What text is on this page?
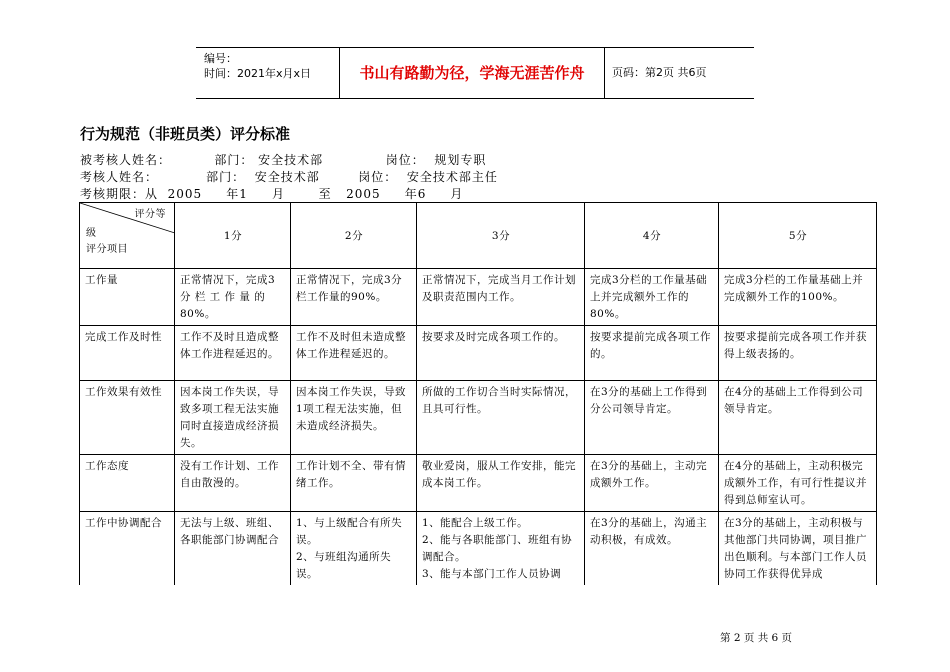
编号：
时间：2021年x月x日	书山有路勤为径，学海无涯苦作舟	页码：第2页 共6页
行为规范（非班员类）评分标准
被考核人姓名：         部门： 安全技术部             岗位：  规划专职
考核人姓名：          部门：  安全技术部        岗位：  安全技术部主任
考核期限：从  2005     年1     月       至   2005     年6     月
评分等
级
评分项目	1分	2分	3分	4分	5分
工作量	正常情况下，完成3 分 栏 工 作 量 的80%。	正常情况下，完成3分栏工作量的90%。	正常情况下，完成当月工作计划及职责范围内工作。	完成3分栏的工作量基础上并完成额外工作的80%。	完成3分栏的工作量基础上并完成额外工作的100%。
完成工作及时性	工作不及时且造成整体工作进程延迟的。	工作不及时但未造成整体工作进程延迟的。	按要求及时完成各项工作的。	按要求提前完成各项工作的。	按要求提前完成各项工作并获得上级表扬的。
工作效果有效性	因本岗工作失误，导致多项工程无法实施同时直接造成经济损失。	因本岗工作失误，导致1项工程无法实施，但未造成经济损失。	所做的工作切合当时实际情况，且具可行性。	在3分的基础上工作得到分公司领导肯定。	在4分的基础上工作得到公司领导肯定。
工作态度	没有工作计划、工作自由散漫的。	工作计划不全、带有情绪工作。	敬业爱岗，服从工作安排，能完成本岗工作。	在3分的基础上，主动完成额外工作。	在4分的基础上，主动积极完成额外工作，有可行性提议并得到总师室认可。
工作中协调配合	无法与上级、班组、各职能部门协调配合	1、与上级配合有所失误。
2、与班组沟通所失误。	1、能配合上级工作。
2、能与各职能部门、班组有协调配合。
3、能与本部门工作人员协调	在3分的基础上，沟通主动积极，有成效。	在3分的基础上，主动积极与其他部门共同协调，项目推广出色顺利。与本部门工作人员协同工作获得优异成
第 2 页 共 6 页
